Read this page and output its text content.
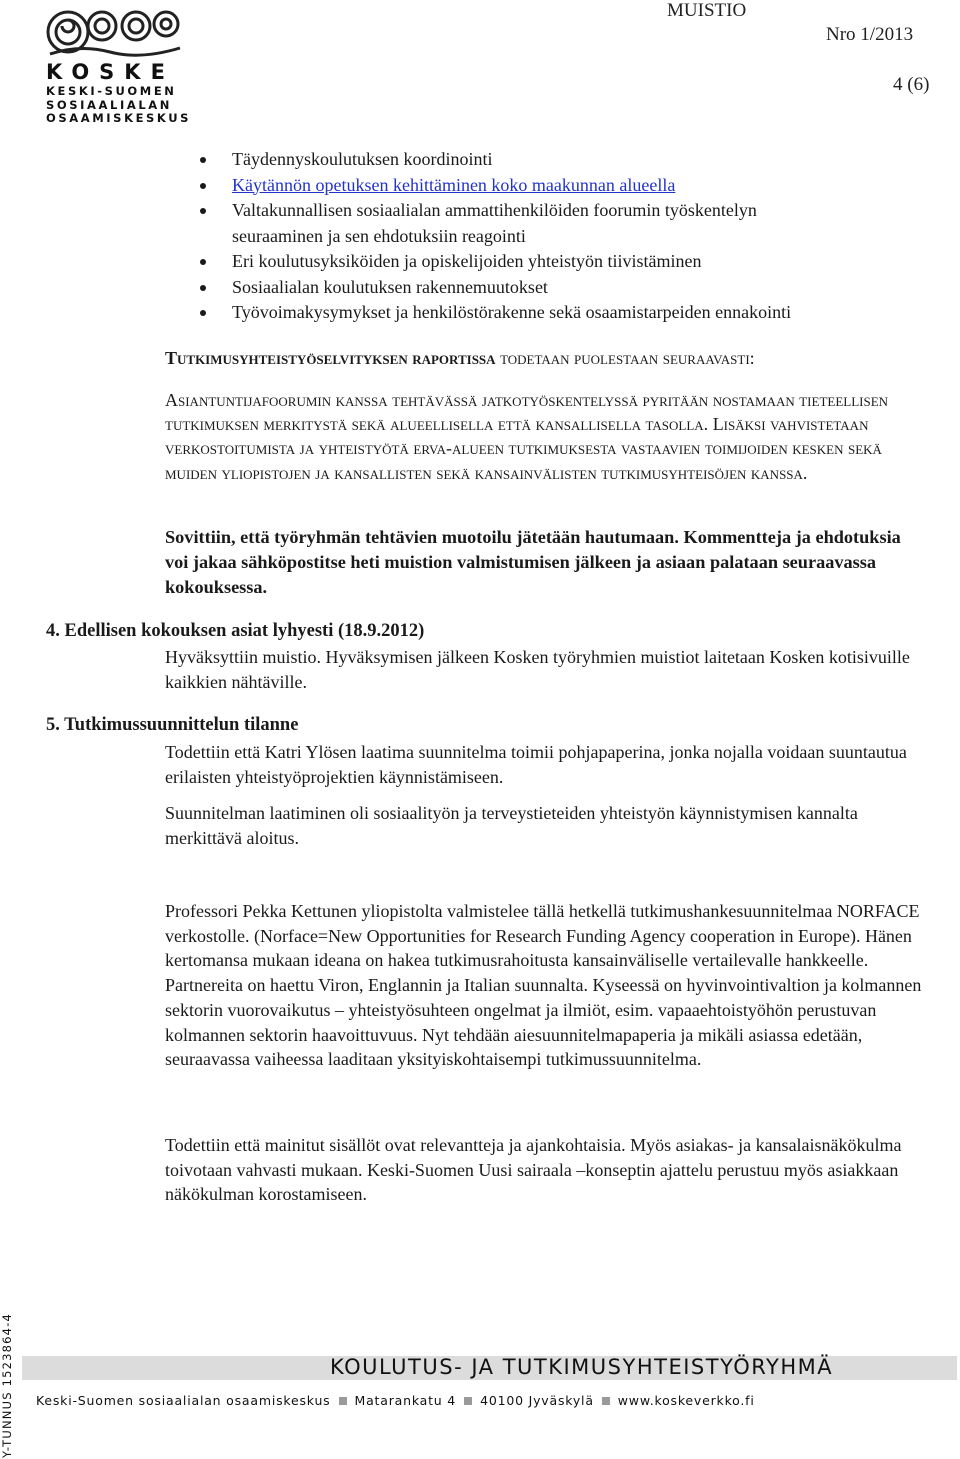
KOSKE
KESKI-SUOMEN
SOSIAALIALAN
OSAAMISKESKUS
MUISTIO
Nro 1/2013
4 (6)
Täydennyskoulutuksen koordinointi
Käytännön opetuksen kehittäminen koko maakunnan alueella
Valtakunnallisen sosiaalialan ammattihenkilöiden foorumin työskentelyn seuraaminen ja sen ehdotuksiin reagointi
Eri koulutusyksiköiden ja opiskelijoiden yhteistyön tiivistäminen
Sosiaalialan koulutuksen rakennemuutokset
Työvoimakysymykset ja henkilöstörakenne sekä osaamistarpeiden ennakointi

Tutkimusyhteistyöselvityksen raportissa todetaan puolestaan seuraavasti:

Asiantuntijafoorumin kanssa tehtävässä jatkotyöskentelyssä pyritään nostamaan tieteellisen tutkimuksen merkitystä sekä alueellisella että kansallisella tasolla. Lisäksi vahvistetaan verkostoitumista ja yhteistyötä erva-alueen tutkimuksesta vastaavien toimijoiden kesken sekä muiden yliopistojen ja kansallisten sekä kansainvälisten tutkimusyhteisöjen kanssa.

Sovittiin, että työryhmän tehtävien muotoilu jätetään hautumaan. Kommentteja ja ehdotuksia voi jakaa sähköpostitse heti muistion valmistumisen jälkeen ja asiaan palataan seuraavassa kokouksessa.

4. Edellisen kokouksen asiat lyhyesti (18.9.2012)

Hyväksyttiin muistio. Hyväksymisen jälkeen Kosken työryhmien muistiot laitetaan Kosken kotisivuille kaikkien nähtäville.

5. Tutkimussuunnittelun tilanne

Todettiin että Katri Ylösen laatima suunnitelma toimii pohjapaperina, jonka nojalla voidaan suuntautua erilaisten yhteistyöprojektien käynnistämiseen.

Suunnitelman laatiminen oli sosiaalityön ja terveystieteiden yhteistyön käynnistymisen kannalta merkittävä aloitus.

Professori Pekka Kettunen yliopistolta valmistelee tällä hetkellä tutkimushankesuunnitelmaa NORFACE verkostolle. (Norface=New Opportunities for Research Funding Agency cooperation in Europe). Hänen kertomansa mukaan ideana on hakea tutkimusrahoitusta kansainväliselle vertailevalle hankkeelle. Partnereita on haettu Viron, Englannin ja Italian suunnalta. Kyseessä on hyvinvointivaltion ja kolmannen sektorin vuorovaikutus – yhteistyösuhteen ongelmat ja ilmiöt, esim. vapaaehtoistyöhön perustuvan kolmannen sektorin haavoittuvuus. Nyt tehdään aiesuunnitelmapaperia ja mikäli asiassa edetään, seuraavassa vaiheessa laaditaan yksityiskohtaisempi tutkimussuunnitelma.

Todettiin että mainitut sisällöt ovat relevantteja ja ajankohtaisia. Myös asiakas- ja kansalaisnäkökulma toivotaan vahvasti mukaan. Keski-Suomen Uusi sairaala –konseptin ajattelu perustuu myös asiakkaan näkökulman korostamiseen.

Y-TUNNUS 1523864-4	KOULUTUS- JA TUTKIMUSYHTEISTYÖRYHMÄ
Keski-Suomen sosiaalialan osaamiskeskus Matarankatu 4 40100 Jyväskylä www.koskeverkko.fi
